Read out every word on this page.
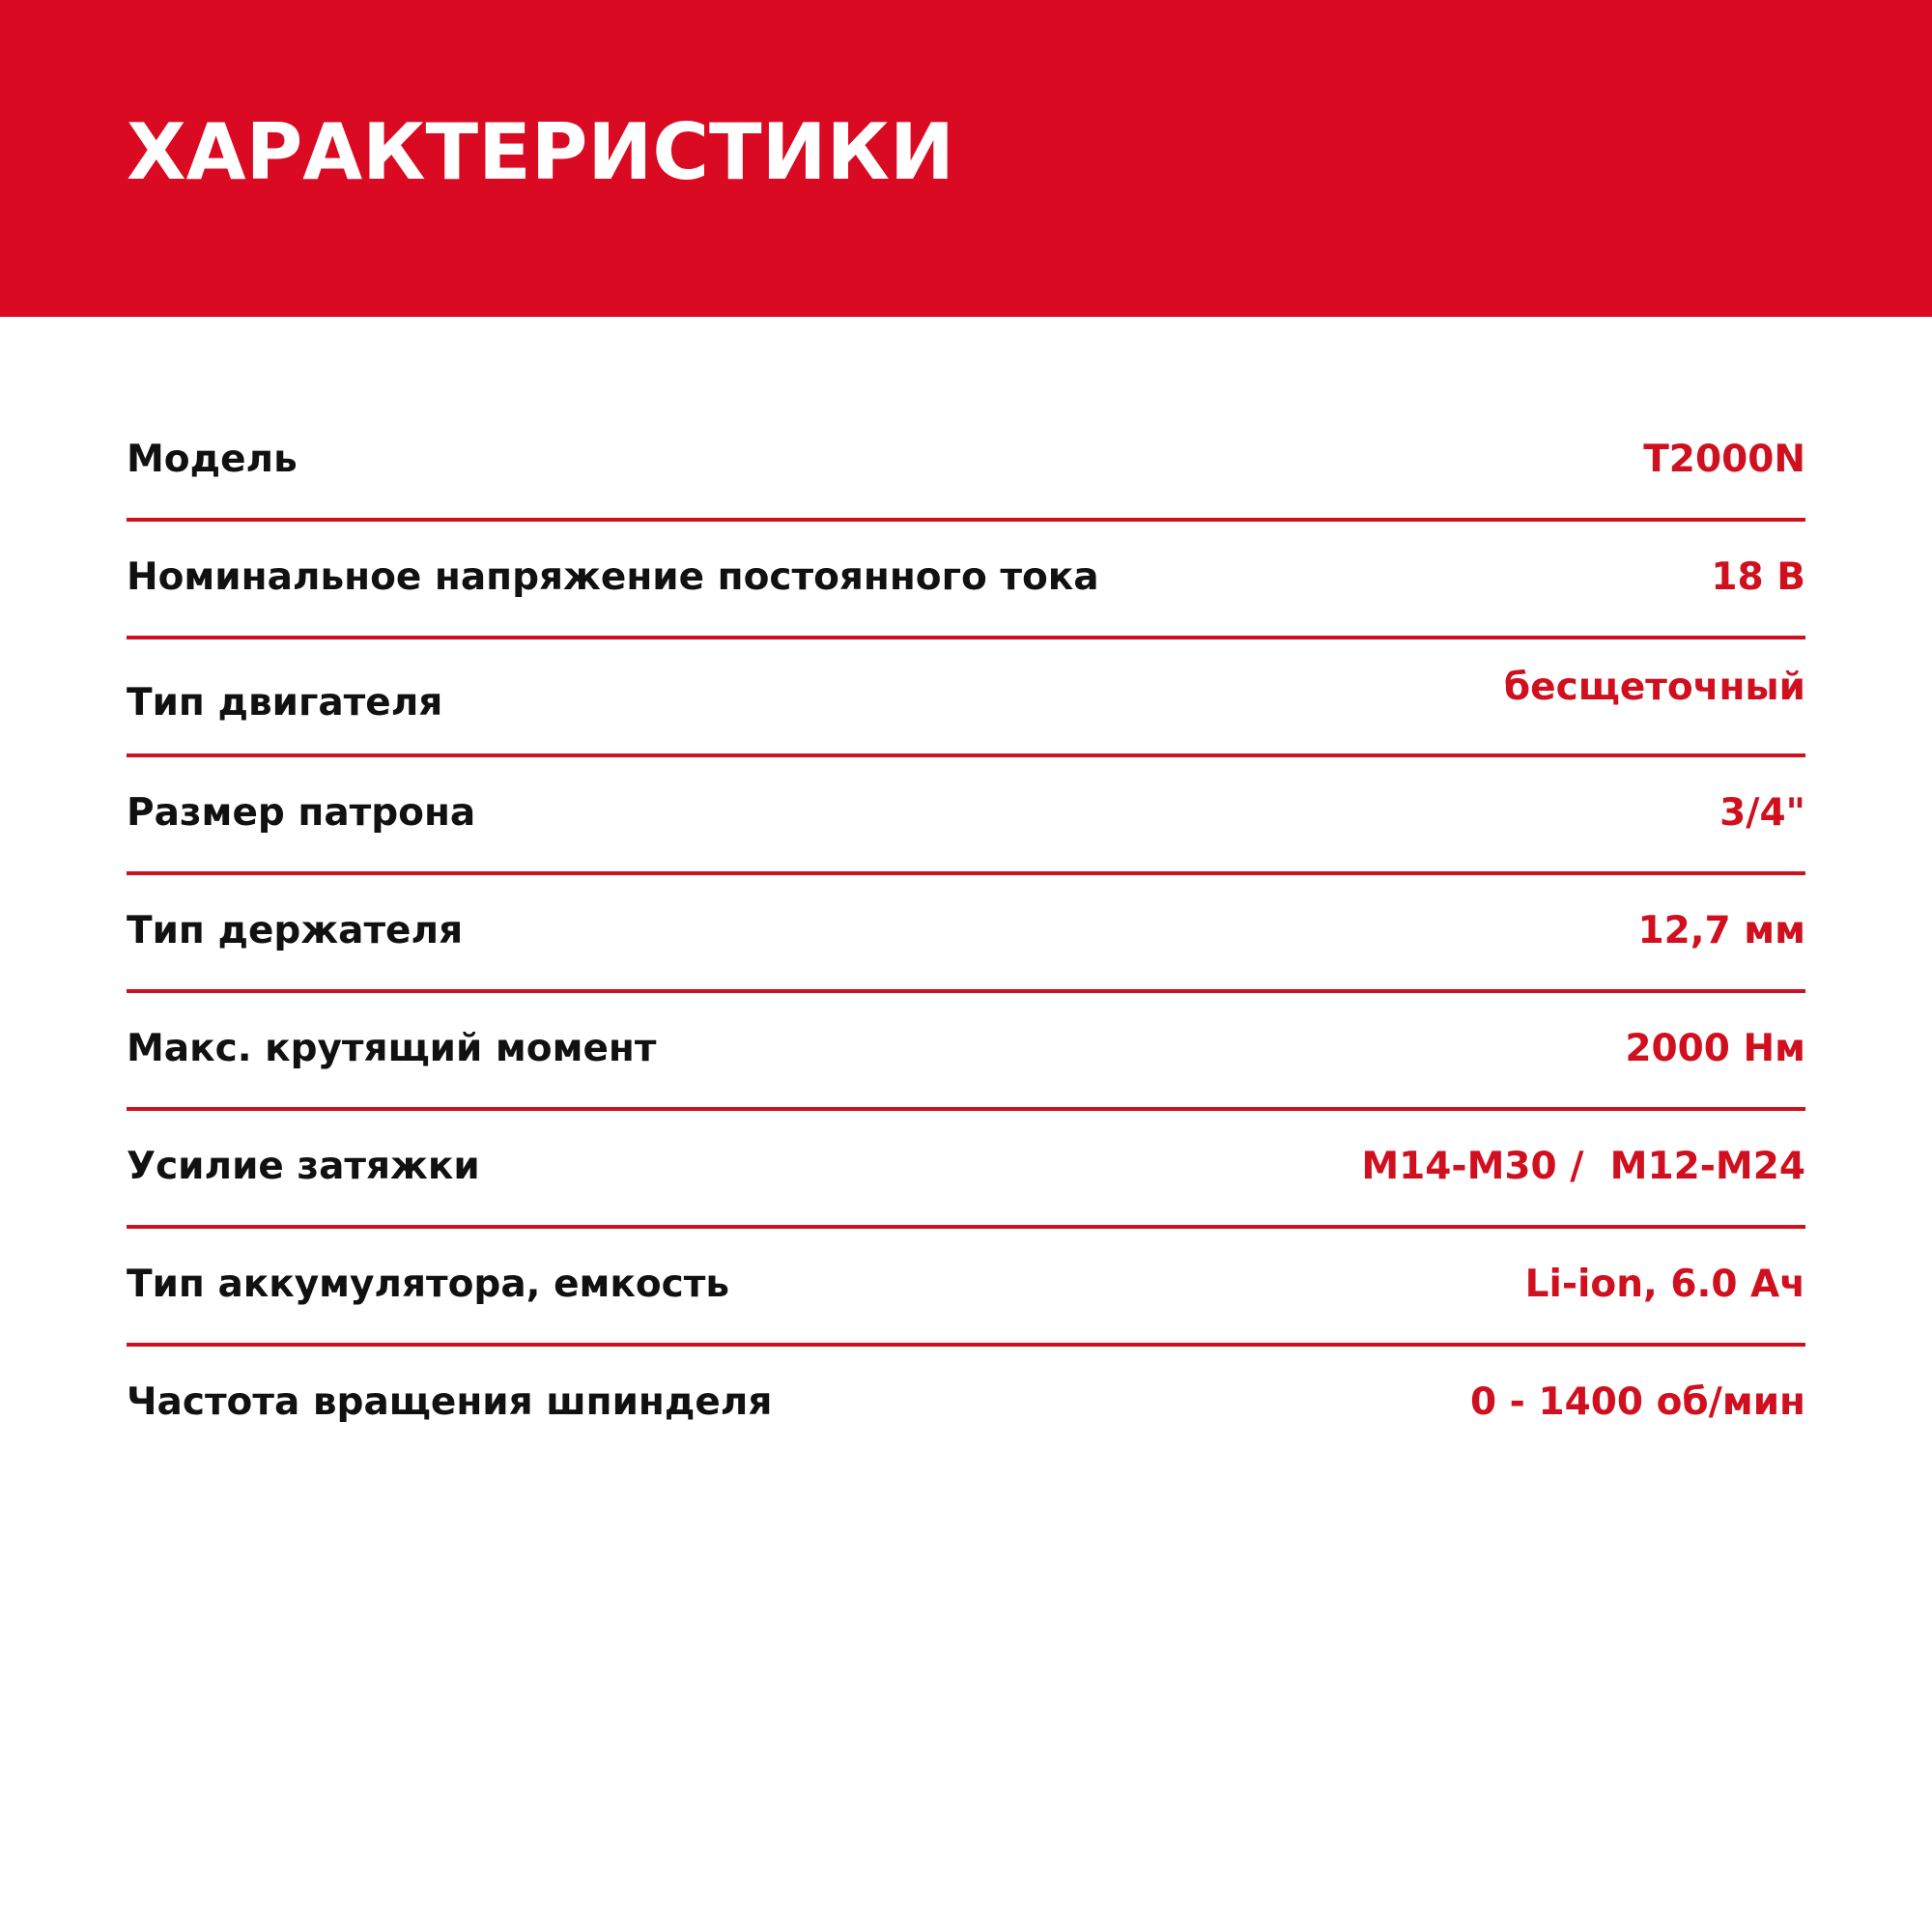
ХАРАКТЕРИСТИКИ
Модель	T2000N
Номинальное напряжение постоянного тока	18 В
Тип двигателя	бесщеточный
Размер патрона	3/4"
Тип держателя	12,7 мм
Макс. крутящий момент	2000 Нм
Усилие затяжки	M14-M30 /  M12-M24
Тип аккумулятора, емкость	Li-ion, 6.0 Ач
Частота вращения шпинделя	0 - 1400 об/мин
